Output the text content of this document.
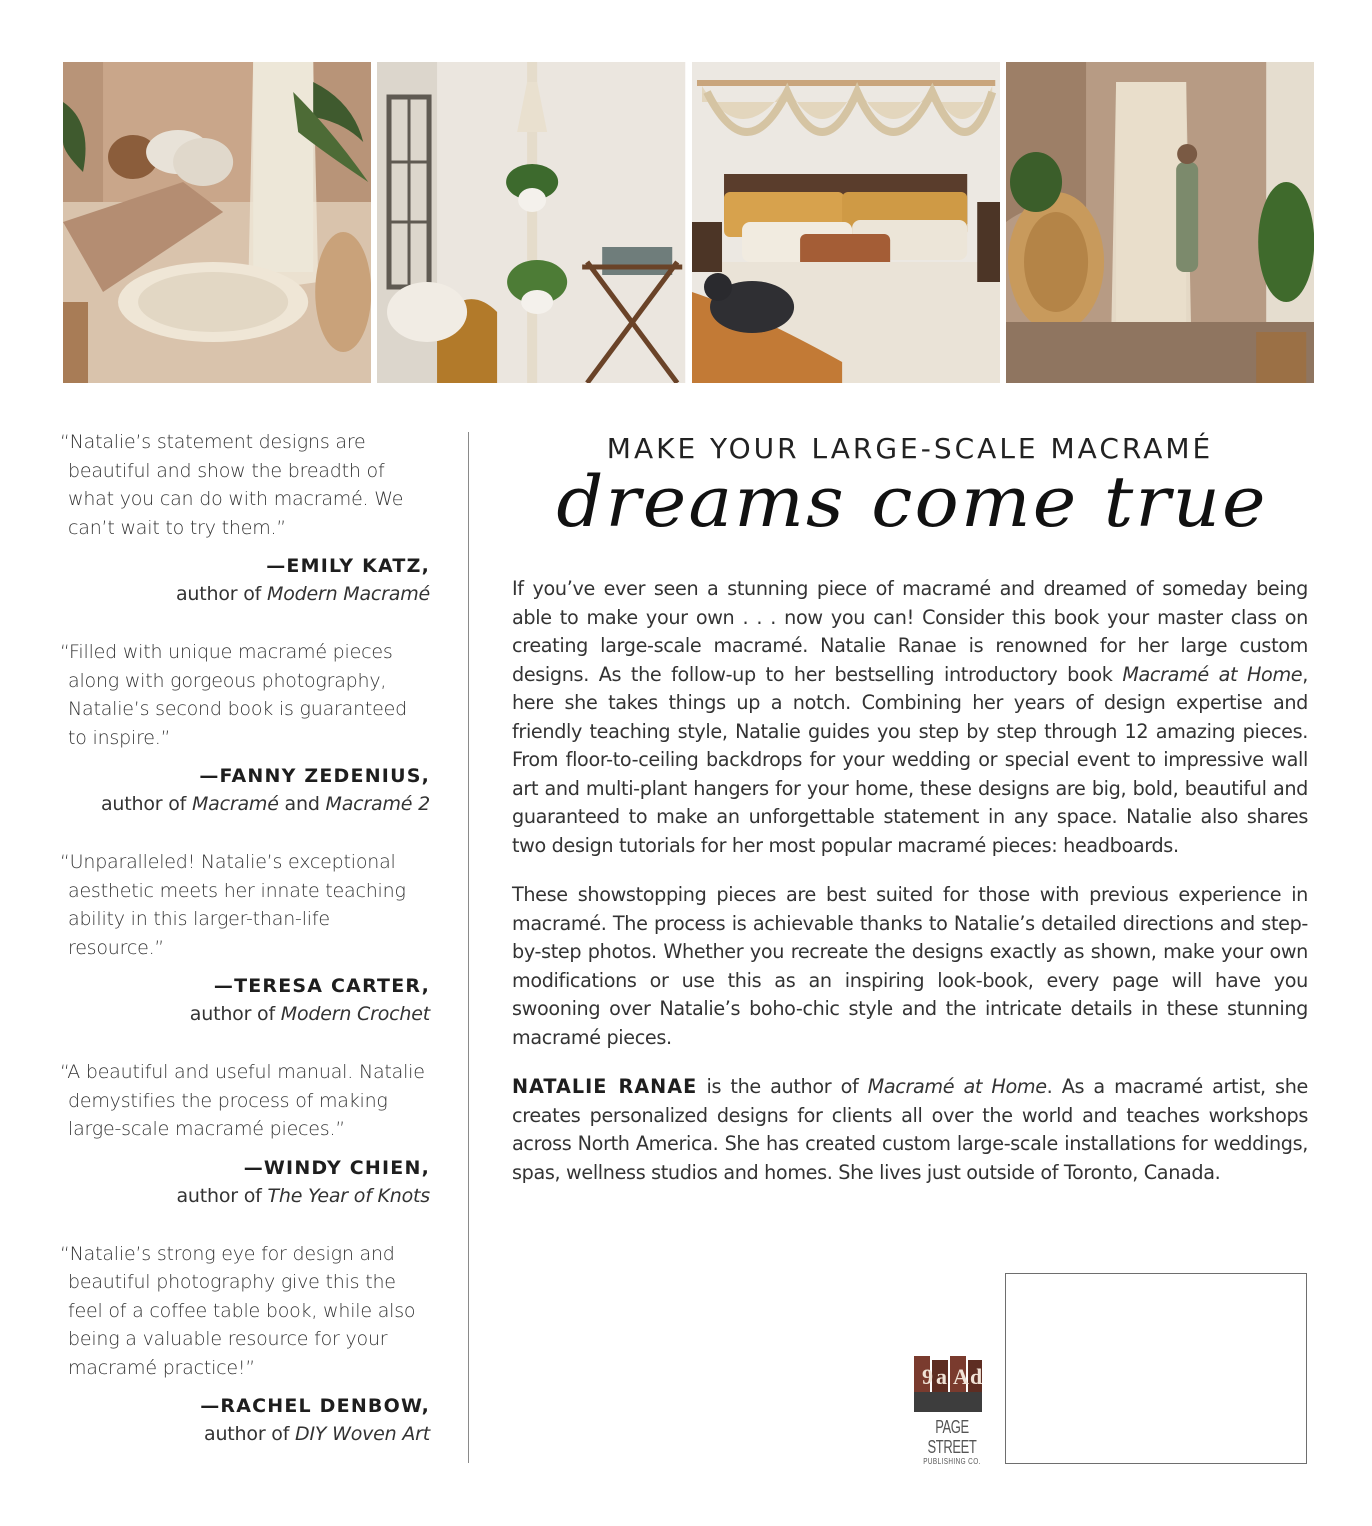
“Natalie’s statement designs are beautiful and show the breadth of what you can do with macramé. We can’t wait to try them.”

—EMILY KATZ,
author of Modern Macramé

“Filled with unique macramé pieces along with gorgeous photography, Natalie’s second book is guaranteed to inspire.”

—FANNY ZEDENIUS,
author of Macramé and Macramé 2

“Unparalleled! Natalie’s exceptional aesthetic meets her innate teaching ability in this larger-than-life resource.”

—TERESA CARTER,
author of Modern Crochet

“A beautiful and useful manual. Natalie demystifies the process of making large-scale macramé pieces.”

—WINDY CHIEN,
author of The Year of Knots

“Natalie’s strong eye for design and beautiful photography give this the feel of a coffee table book, while also being a valuable resource for your macramé practice!”

—RACHEL DENBOW,
author of DIY Woven Art
MAKE YOUR LARGE-SCALE MACRAMÉ
dreams come true

If you’ve ever seen a stunning piece of macramé and dreamed of someday being able to make your own . . . now you can! Consider this book your master class on creating large-scale macramé. Natalie Ranae is renowned for her large custom designs. As the follow-up to her bestselling introductory book Macramé at Home, here she takes things up a notch. Combining her years of design expertise and friendly teaching style, Natalie guides you step by step through 12 amazing pieces. From floor-to-ceiling backdrops for your wedding or special event to impressive wall art and multi-plant hangers for your home, these designs are big, bold, beautiful and guaranteed to make an unforgettable statement in any space. Natalie also shares two design tutorials for her most popular macramé pieces: headboards.

These showstopping pieces are best suited for those with previous experience in macramé. The process is achievable thanks to Natalie’s detailed directions and step-by-step photos. Whether you recreate the designs exactly as shown, make your own modifications or use this as an inspiring look-book, every page will have you swooning over Natalie’s boho-chic style and the intricate details in these stunning macramé pieces.

NATALIE RANAE is the author of Macramé at Home. As a macramé artist, she creates personalized designs for clients all over the world and teaches workshops across North America. She has created custom large-scale installations for weddings, spas, wellness studios and homes. She lives just outside of Toronto, Canada.

9 a A d
PAGE STREET
PUBLISHING CO.
